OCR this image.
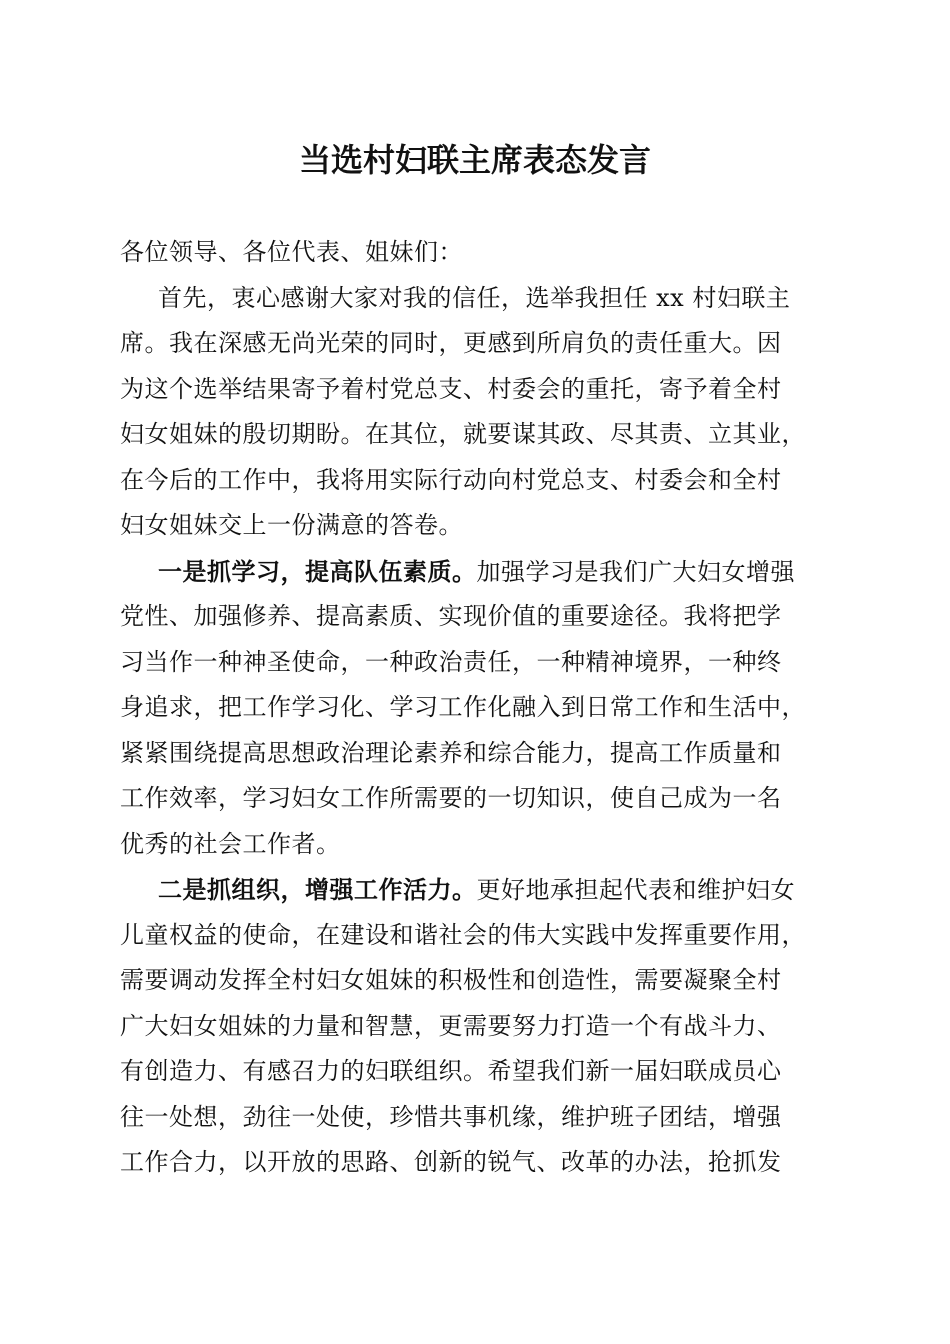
当选村妇联主席表态发言
各位领导、各位代表、姐妹们：
首先，衷心感谢大家对我的信任，选举我担任 xx 村妇联主
席。我在深感无尚光荣的同时，更感到所肩负的责任重大。因
为这个选举结果寄予着村党总支、村委会的重托，寄予着全村
妇女姐妹的殷切期盼。在其位，就要谋其政、尽其责、立其业，
在今后的工作中，我将用实际行动向村党总支、村委会和全村
妇女姐妹交上一份满意的答卷。
一是抓学习，提高队伍素质。加强学习是我们广大妇女增强
党性、加强修养、提高素质、实现价值的重要途径。我将把学
习当作一种神圣使命，一种政治责任，一种精神境界，一种终
身追求，把工作学习化、学习工作化融入到日常工作和生活中，
紧紧围绕提高思想政治理论素养和综合能力，提高工作质量和
工作效率，学习妇女工作所需要的一切知识，使自己成为一名
优秀的社会工作者。
二是抓组织，增强工作活力。更好地承担起代表和维护妇女
儿童权益的使命，在建设和谐社会的伟大实践中发挥重要作用，
需要调动发挥全村妇女姐妹的积极性和创造性，需要凝聚全村
广大妇女姐妹的力量和智慧，更需要努力打造一个有战斗力、
有创造力、有感召力的妇联组织。希望我们新一届妇联成员心
往一处想，劲往一处使，珍惜共事机缘，维护班子团结，增强
工作合力，以开放的思路、创新的锐气、改革的办法，抢抓发
